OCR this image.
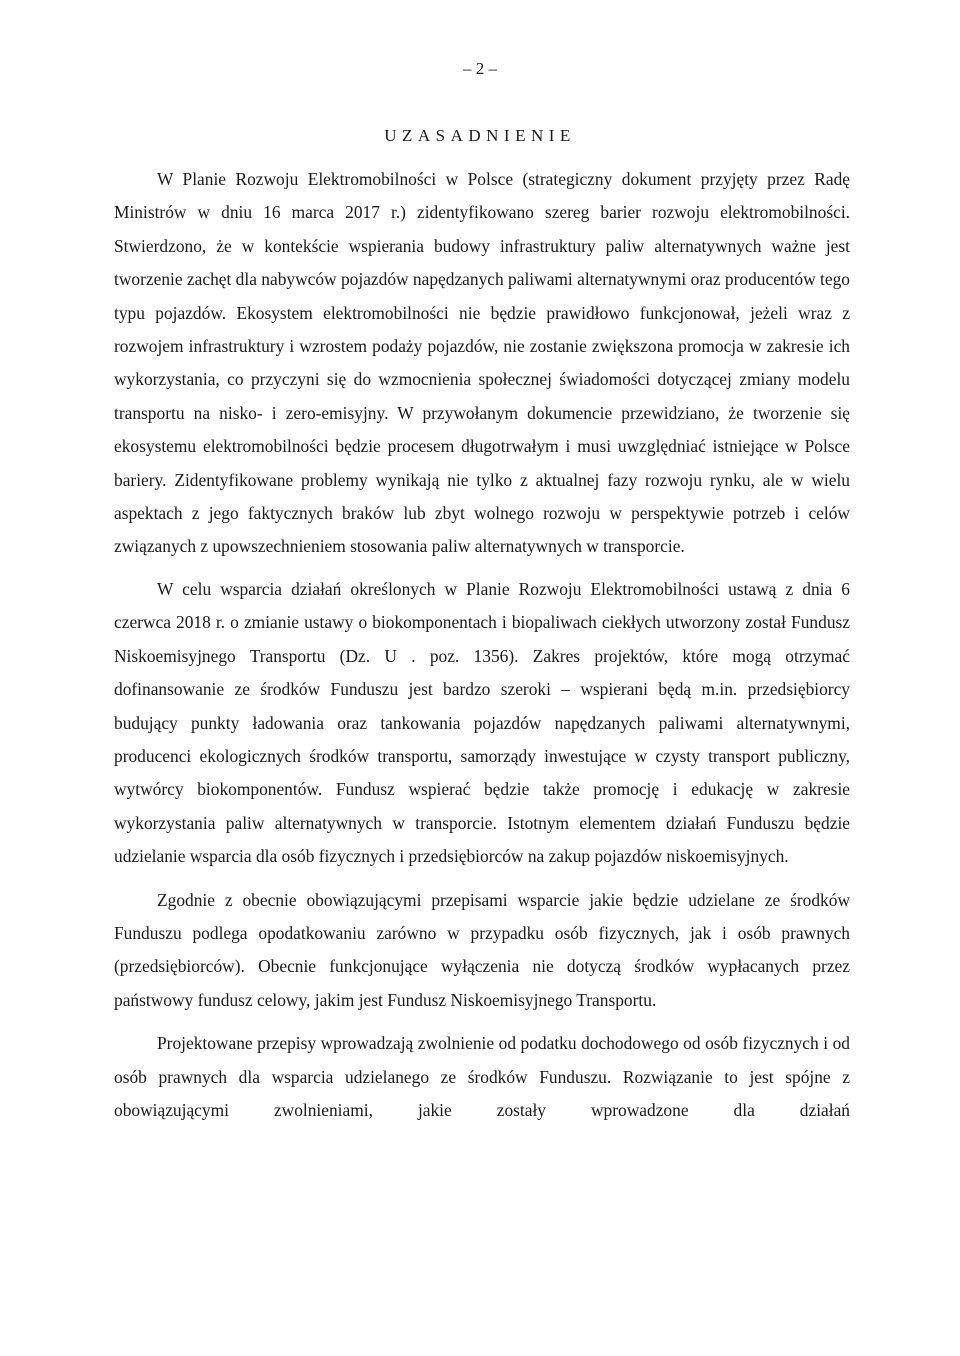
– 2 –
UZASADNIENIE

W Planie Rozwoju Elektromobilności w Polsce (strategiczny dokument przyjęty przez Radę Ministrów w dniu 16 marca 2017 r.) zidentyfikowano szereg barier rozwoju elektromobilności. Stwierdzono, że w kontekście wspierania budowy infrastruktury paliw alternatywnych ważne jest tworzenie zachęt dla nabywców pojazdów napędzanych paliwami alternatywnymi oraz producentów tego typu pojazdów. Ekosystem elektromobilności nie będzie prawidłowo funkcjonował, jeżeli wraz z rozwojem infrastruktury i wzrostem podaży pojazdów, nie zostanie zwiększona promocja w zakresie ich wykorzystania, co przyczyni się do wzmocnienia społecznej świadomości dotyczącej zmiany modelu transportu na nisko- i zero-emisyjny. W przywołanym dokumencie przewidziano, że tworzenie się ekosystemu elektromobilności będzie procesem długotrwałym i musi uwzględniać istniejące w Polsce bariery. Zidentyfikowane problemy wynikają nie tylko z aktualnej fazy rozwoju rynku, ale w wielu aspektach z jego faktycznych braków lub zbyt wolnego rozwoju w perspektywie potrzeb i celów związanych z upowszechnieniem stosowania paliw alternatywnych w transporcie.

W celu wsparcia działań określonych w Planie Rozwoju Elektromobilności ustawą z dnia 6 czerwca 2018 r. o zmianie ustawy o biokomponentach i biopaliwach ciekłych utworzony został Fundusz Niskoemisyjnego Transportu (Dz. U . poz. 1356). Zakres projektów, które mogą otrzymać dofinansowanie ze środków Funduszu jest bardzo szeroki – wspierani będą m.in. przedsiębiorcy budujący punkty ładowania oraz tankowania pojazdów napędzanych paliwami alternatywnymi, producenci ekologicznych środków transportu, samorządy inwestujące w czysty transport publiczny, wytwórcy biokomponentów. Fundusz wspierać będzie także promocję i edukację w zakresie wykorzystania paliw alternatywnych w transporcie. Istotnym elementem działań Funduszu będzie udzielanie wsparcia dla osób fizycznych i przedsiębiorców na zakup pojazdów niskoemisyjnych.

Zgodnie z obecnie obowiązującymi przepisami wsparcie jakie będzie udzielane ze środków Funduszu podlega opodatkowaniu zarówno w przypadku osób fizycznych, jak i osób prawnych (przedsiębiorców). Obecnie funkcjonujące wyłączenia nie dotyczą środków wypłacanych przez państwowy fundusz celowy, jakim jest Fundusz Niskoemisyjnego Transportu.

Projektowane przepisy wprowadzają zwolnienie od podatku dochodowego od osób fizycznych i od osób prawnych dla wsparcia udzielanego ze środków Funduszu. Rozwiązanie to jest spójne z obowiązującymi zwolnieniami, jakie zostały wprowadzone dla działań
